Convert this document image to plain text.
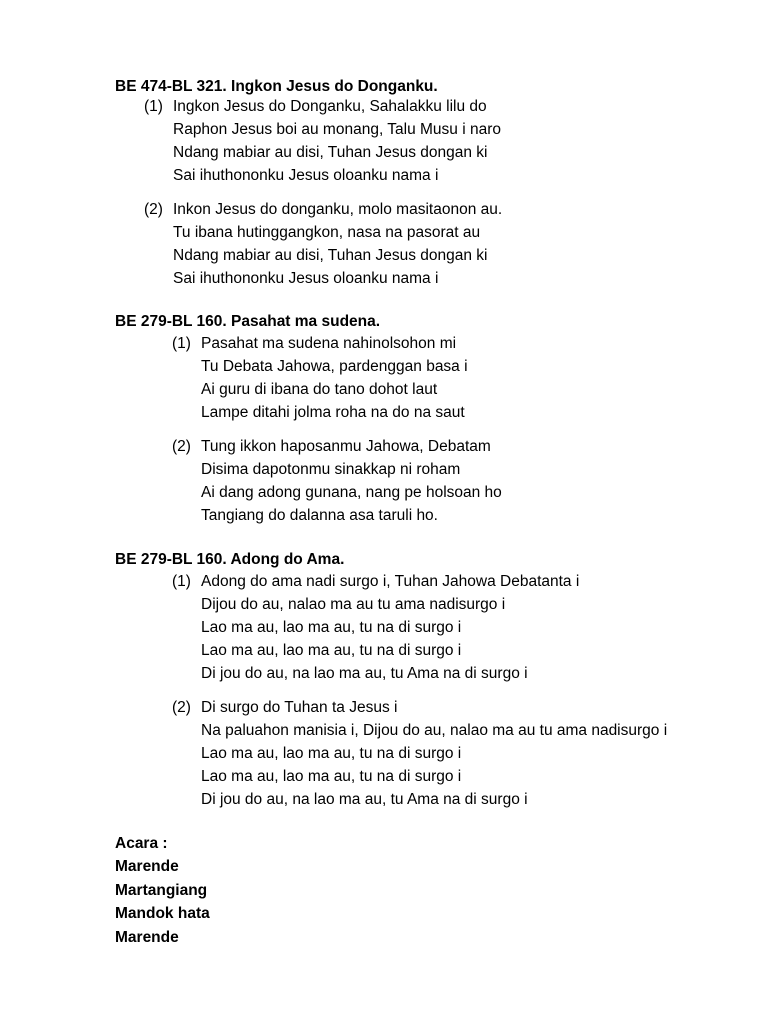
BE 474-BL 321. Ingkon Jesus do Donganku.
(1) Ingkon Jesus do Donganku, Sahalakku lilu do
Raphon Jesus boi au monang, Talu Musu i naro
Ndang mabiar au disi, Tuhan Jesus dongan ki
Sai ihuthononku Jesus oloanku nama i
(2) Inkon Jesus do donganku, molo masitaonon au.
Tu ibana hutinggangkon, nasa na pasorat au
Ndang mabiar au disi, Tuhan Jesus dongan ki
Sai ihuthononku Jesus oloanku nama i
BE 279-BL 160. Pasahat ma sudena.
(1) Pasahat ma sudena nahinolsohon mi
Tu Debata Jahowa, pardenggan basa i
Ai guru di ibana do tano dohot laut
Lampe ditahi jolma roha na do na saut
(2) Tung ikkon haposanmu Jahowa, Debatam
Disima dapotonmu sinakkap ni roham
Ai dang adong gunana, nang pe holsoan ho
Tangiang do dalanna asa taruli ho.
BE 279-BL 160. Adong do Ama.
(1) Adong do ama nadi surgo i, Tuhan Jahowa Debatanta i
Dijou do au, nalao ma au tu ama nadisurgo i
Lao ma au, lao ma au, tu na di surgo i
Lao ma au, lao ma au, tu na di surgo i
Di jou do au, na lao ma au, tu Ama na di surgo i
(2) Di surgo do Tuhan ta Jesus i
Na paluahon manisia i, Dijou do au, nalao ma au tu ama nadisurgo i
Lao ma au, lao ma au, tu na di surgo i
Lao ma au, lao ma au, tu na di surgo i
Di jou do au, na lao ma au, tu Ama na di surgo i
Acara :
Marende
Martangiang
Mandok hata
Marende
